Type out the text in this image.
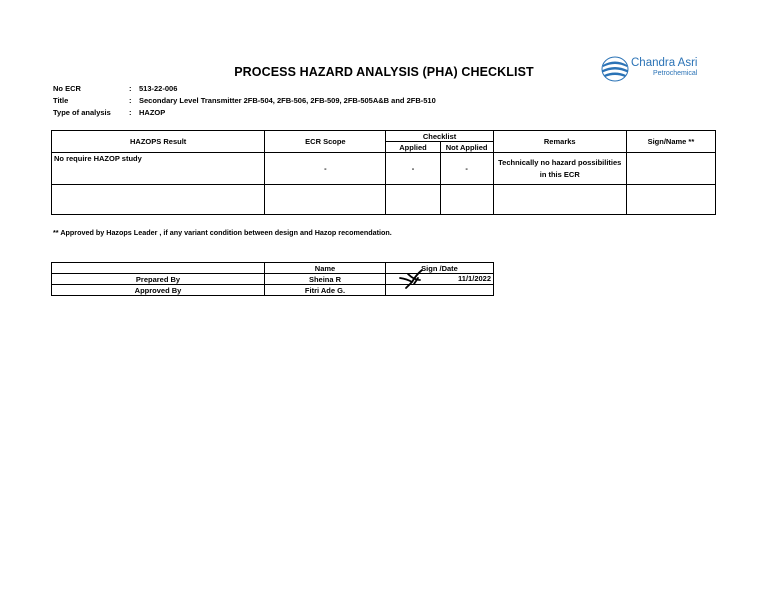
PROCESS HAZARD ANALYSIS (PHA) CHECKLIST
Chandra Asri
Petrochemical
No ECR	: 513-22-006
Title	: Secondary Level Transmitter 2FB-504, 2FB-506, 2FB-509, 2FB-505A&B and 2FB-510
Type of analysis : HAZOP
HAZOPS Result	ECR Scope	Checklist		Remarks	Sign/Name **
		Applied	Not Applied		
No require HAZOP study	-	-	-	Technically no hazard possibilities
in this ECR	

** Approved by Hazops Leader , if any variant condition between design and Hazop recomendation.
	Name	Sign /Date
Prepared By	Sheina R	11/1/2022

Approved By	Fitri Ade G.	
